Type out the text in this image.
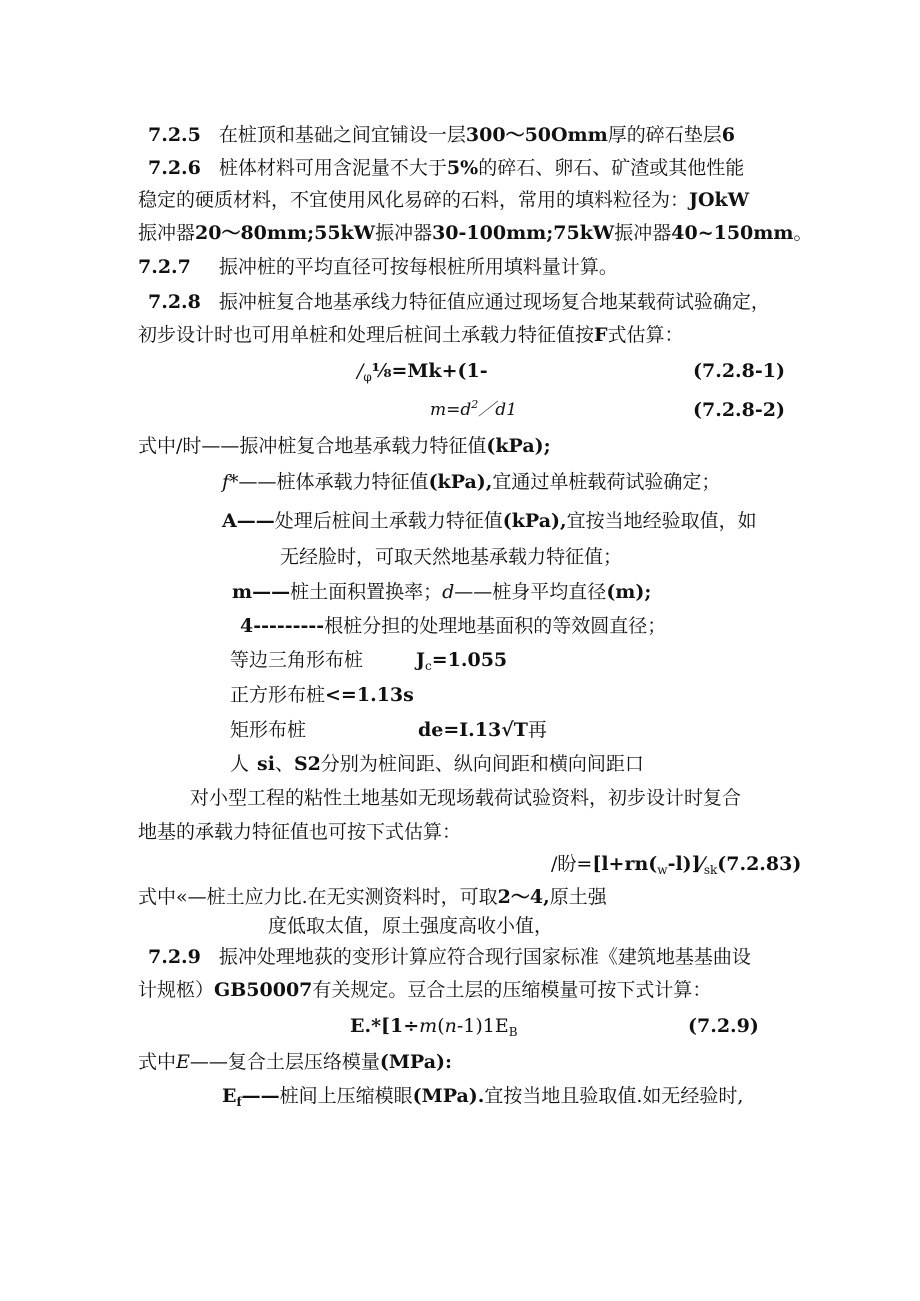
7.2.5 在桩顶和基础之间宜铺设一层300～50Omm厚的碎石垫层6
7.2.6 桩体材料可用含泥量不大于5%的碎石、卵石、矿渣或其他性能
稳定的硬质材料，不宜使用风化易碎的石料，常用的填料粒径为：JOkW
振冲器20～80mm;55kW振冲器30-100mm;75kW振冲器40~150mm。
7.2.7 振冲桩的平均直径可按每根桩所用填料量计算。
7.2.8 振冲桩复合地基承线力特征值应通过现场复合地某载荷试验确定，
初步设计时也可用单桩和处理后桩间土承载力特征值按F式估算：
$/_\varphi\frac{1}{8}=Mk+(1-$	(7.2.8-1)
$m=d^2/d1$	(7.2.8-2)
式中/时——振冲桩复合地基承载力特征值(kPa);
f*——桩体承载力特征值(kPa),宜通过单桩载荷试验确定；
A——处理后桩间土承载力特征值(kPa),宜按当地经验取值，如
无经脸时，可取天然地基承载力特征值；
m——桩土面积置换率；d——桩身平均直径(m);
4---------根桩分担的处理地基面积的等效圆直径；
等边三角形布桩	$J_c=1.055$
正方形布桩<=1.13s
矩形布桩	de=I.13√T再
人 si、S2分别为桩间距、纵向间距和横向间距口
对小型工程的粘性土地基如无现场载荷试验资料，初步设计时复合
地基的承载力特征值也可按下式估算：
/盼$=[l+rn(_w-l)]⁄_{sk}(7.2.83)$
式中«—桩土应力比.在无实测资料时，可取2～4,原土强
度低取太值，原土强度高收小值，
7.2.9 振冲处理地荻的变形计算应符合现行国家标准《建筑地基基曲设
计规柩）GB50007有关规定。豆合土层的压缩模量可按下式计算：
$E.*[1\div m(n-1)1E_B$	(7.2.9)
式中E——复合土层压络模量(MPa):
$E_f——$桩间上压缩模眼(MPa).宜按当地且验取值.如无经验时,
